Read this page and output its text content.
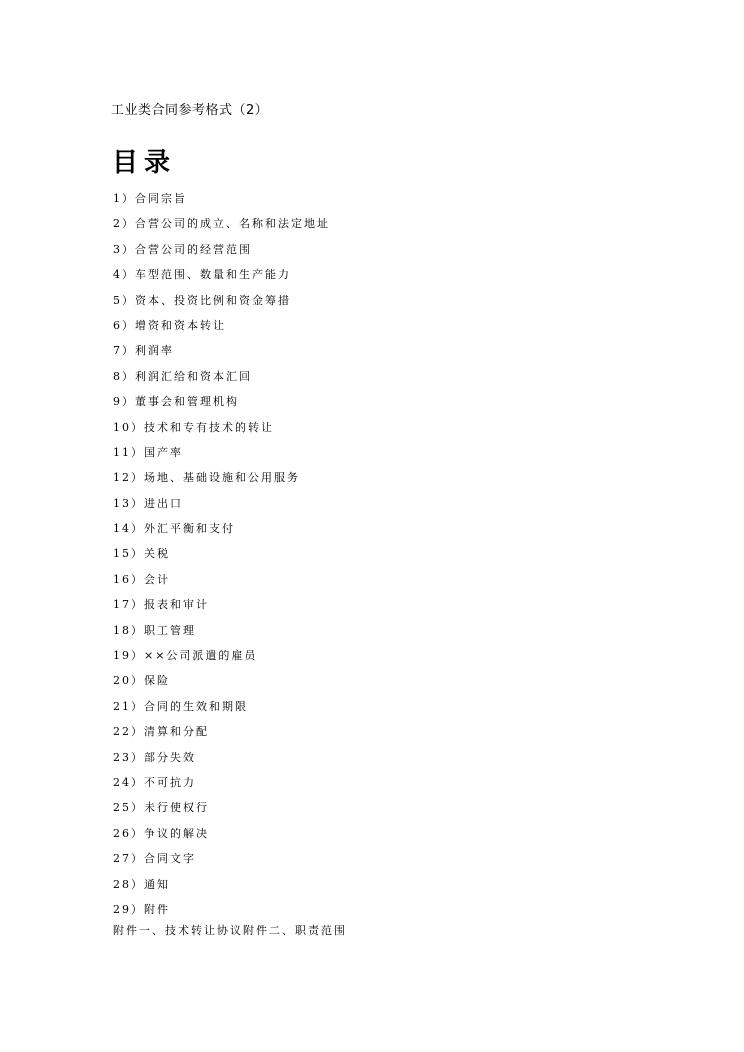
工业类合同参考格式（2）
目录
1）合同宗旨
2）合营公司的成立、名称和法定地址
3）合营公司的经营范围
4）车型范围、数量和生产能力
5）资本、投资比例和资金筹措
6）增资和资本转让
7）利润率
8）利润汇给和资本汇回
9）董事会和管理机构
10）技术和专有技术的转让
11）国产率
12）场地、基础设施和公用服务
13）进出口
14）外汇平衡和支付
15）关税
16）会计
17）报表和审计
18）职工管理
19）××公司派遣的雇员
20）保险
21）合同的生效和期限
22）清算和分配
23）部分失效
24）不可抗力
25）未行使权行
26）争议的解决
27）合同文字
28）通知
29）附件
附件一、技术转让协议附件二、职责范围
